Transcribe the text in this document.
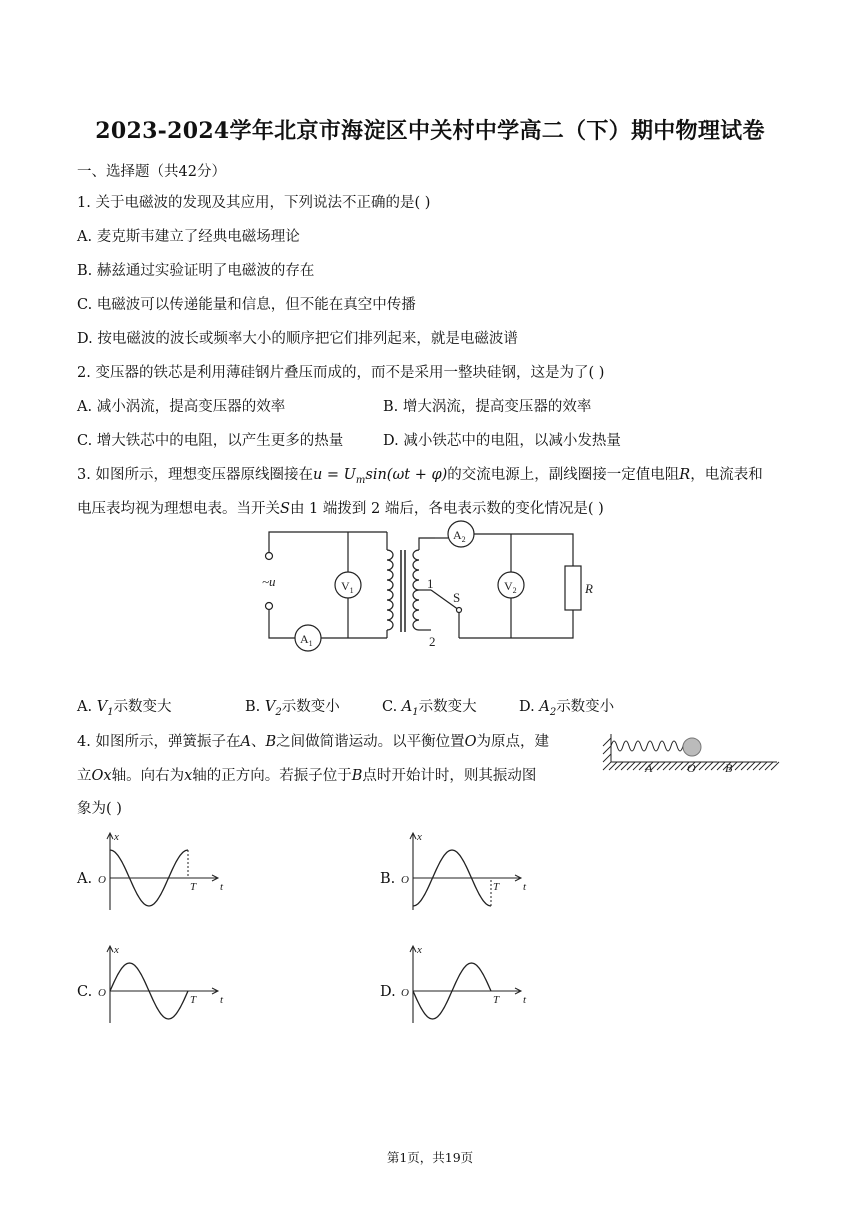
2023-2024学年北京市海淀区中关村中学高二（下）期中物理试卷
一、选择题（共42分）
1. 关于电磁波的发现及其应用，下列说法不正确的是( )
A. 麦克斯韦建立了经典电磁场理论
B. 赫兹通过实验证明了电磁波的存在
C. 电磁波可以传递能量和信息，但不能在真空中传播
D. 按电磁波的波长或频率大小的顺序把它们排列起来，就是电磁波谱
2. 变压器的铁芯是利用薄硅钢片叠压而成的，而不是采用一整块硅钢，这是为了( )
A. 减小涡流，提高变压器的效率	B. 增大涡流，提高变压器的效率
C. 增大铁芯中的电阻，以产生更多的热量	D. 减小铁芯中的电阻，以减小发热量
3. 如图所示，理想变压器原线圈接在$u = U_m\sin(\omega t + \varphi)$的交流电源上，副线圈接一定值电阻R，电流表和
电压表均视为理想电表。当开关S由 1 端拨到 2 端后，各电表示数的变化情况是( )
~u	$V_1$
$A_1$
1
2
S
$A_2$
$V_2$	R
A. $V_1$示数变大	B. $V_2$示数变小	C. $A_1$示数变大	D. $A_2$示数变小
4. 如图所示，弹簧振子在A、B之间做简谐运动。以平衡位置O为原点，建
立Ox轴。向右为x轴的正方向。若振子位于B点时开始计时，则其振动图
象为( )
A	O B
A.	B.
C.	D.
x
t
T
O
x
t
T
O
x
t
T
O
x
t
T
O
第1页，共19页
